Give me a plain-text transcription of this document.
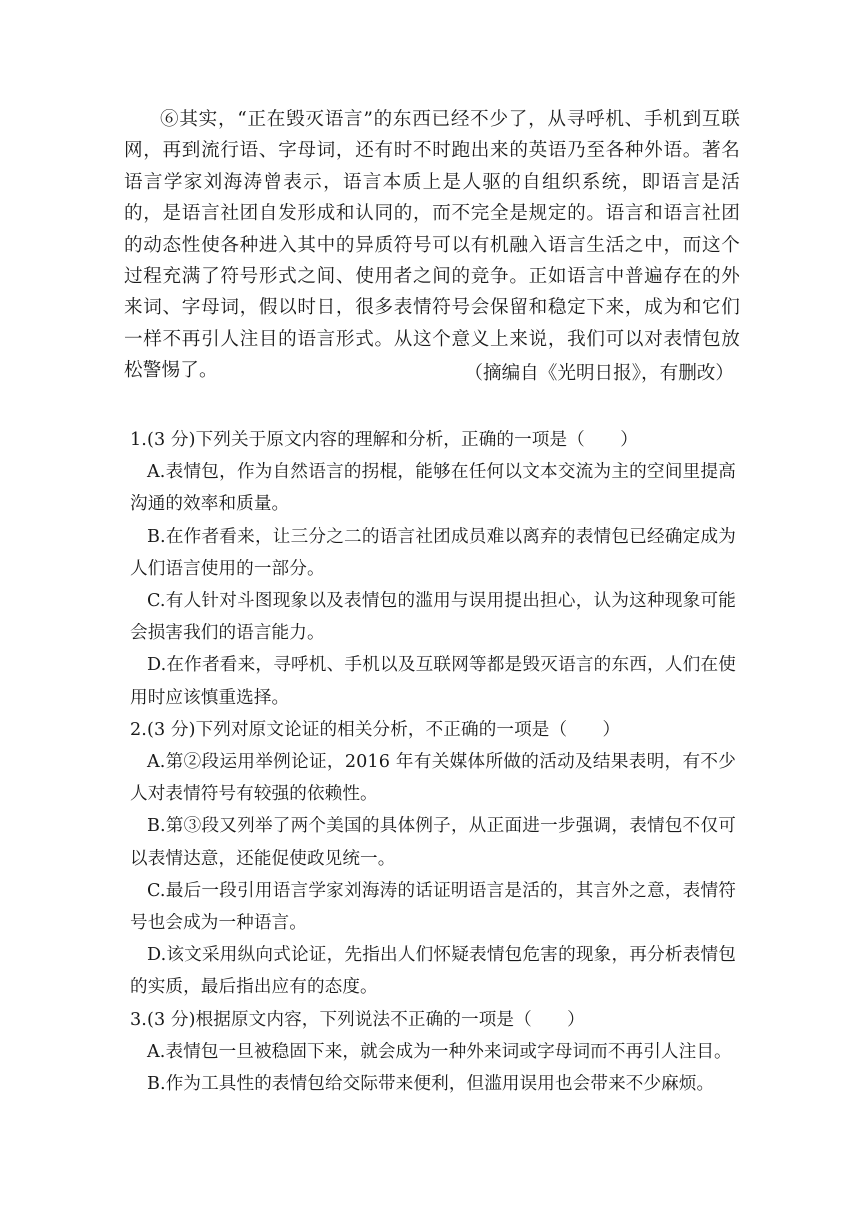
⑥其实，“正在毁灭语言”的东西已经不少了，从寻呼机、手机到互联网，再到流行语、字母词，还有时不时跑出来的英语乃至各种外语。著名语言学家刘海涛曾表示，语言本质上是人驱的自组织系统，即语言是活的，是语言社团自发形成和认同的，而不完全是规定的。语言和语言社团的动态性使各种进入其中的异质符号可以有机融入语言生活之中，而这个过程充满了符号形式之间、使用者之间的竞争。正如语言中普遍存在的外来词、字母词，假以时日，很多表情符号会保留和稳定下来，成为和它们一样不再引人注目的语言形式。从这个意义上来说，我们可以对表情包放松警惕了。	（摘编自《光明日报》，有删改）

1.(3 分)下列关于原文内容的理解和分析，正确的一项是（　　）

A.表情包，作为自然语言的拐棍，能够在任何以文本交流为主的空间里提高沟通的效率和质量。

B.在作者看来，让三分之二的语言社团成员难以离弃的表情包已经确定成为人们语言使用的一部分。

C.有人针对斗图现象以及表情包的滥用与误用提出担心，认为这种现象可能会损害我们的语言能力。

D.在作者看来，寻呼机、手机以及互联网等都是毁灭语言的东西，人们在使用时应该慎重选择。

2.(3 分)下列对原文论证的相关分析，不正确的一项是（　　）

A.第②段运用举例论证，2016 年有关媒体所做的活动及结果表明，有不少人对表情符号有较强的依赖性。

B.第③段又列举了两个美国的具体例子，从正面进一步强调，表情包不仅可以表情达意，还能促使政见统一。

C.最后一段引用语言学家刘海涛的话证明语言是活的，其言外之意，表情符号也会成为一种语言。

D.该文采用纵向式论证，先指出人们怀疑表情包危害的现象，再分析表情包的实质，最后指出应有的态度。

3.(3 分)根据原文内容，下列说法不正确的一项是（　　）

A.表情包一旦被稳固下来，就会成为一种外来词或字母词而不再引人注目。

B.作为工具性的表情包给交际带来便利，但滥用误用也会带来不少麻烦。
